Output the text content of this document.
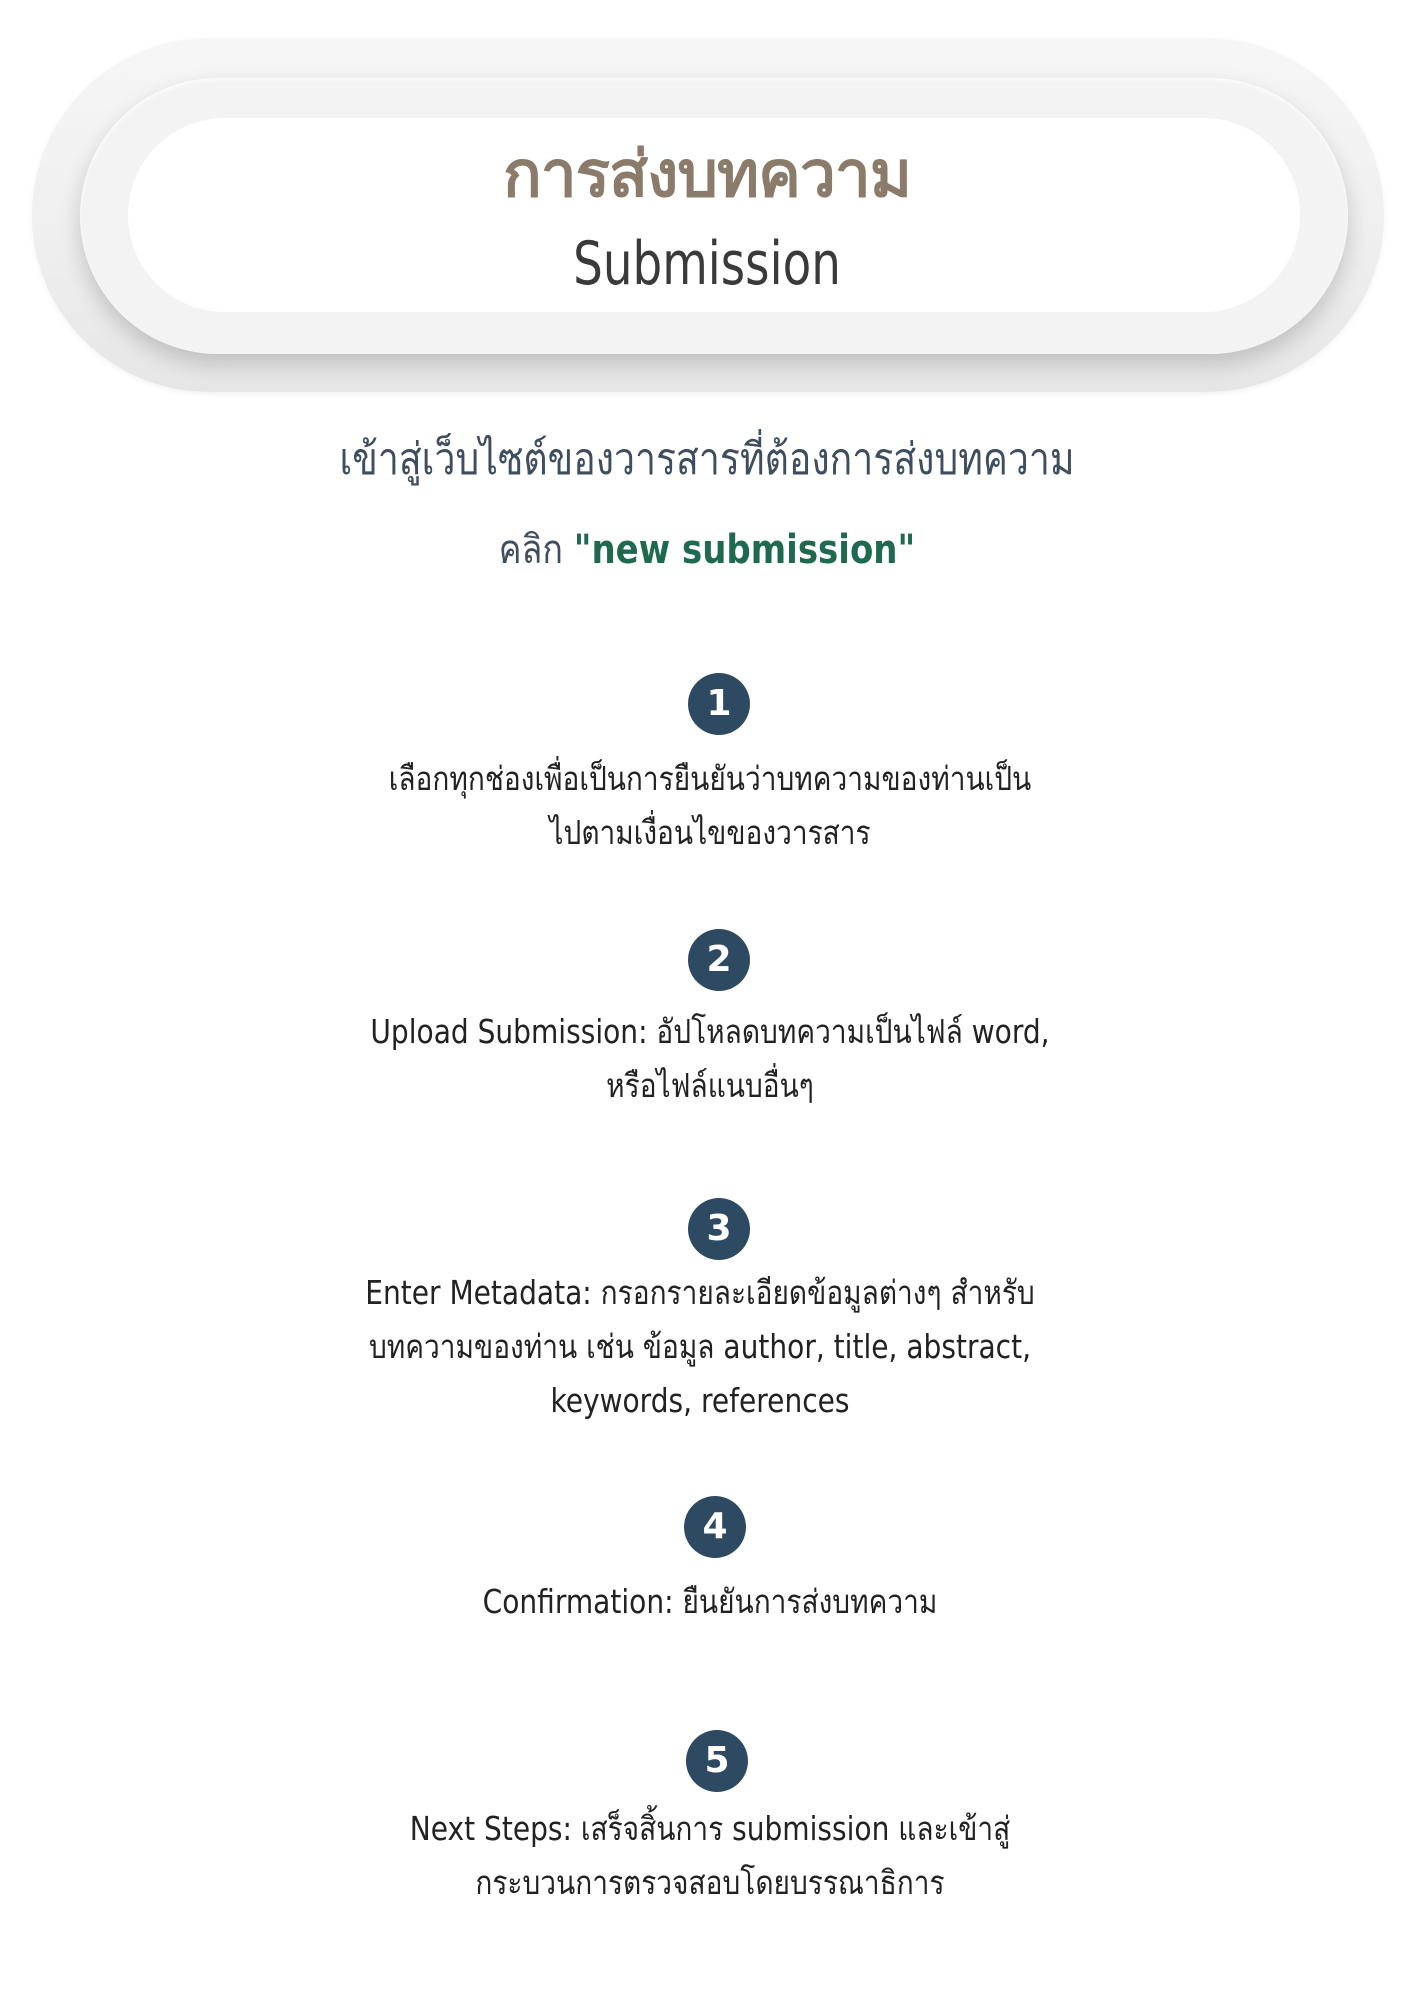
การส่งบทความ
Submission
เข้าสู่เว็บไซต์ของวารสารที่ต้องการส่งบทความ
คลิก "new submission"
1
เลือกทุกช่องเพื่อเป็นการยืนยันว่าบทความของท่านเป็น
ไปตามเงื่อนไขของวารสาร
2
Upload Submission: อัปโหลดบทความเป็นไฟล์ word,
หรือไฟล์แนบอื่นๆ
3
Enter Metadata: กรอกรายละเอียดข้อมูลต่างๆ สำหรับ
บทความของท่าน เช่น ข้อมูล author, title, abstract,
keywords, references
4
Confirmation: ยืนยันการส่งบทความ
5
Next Steps: เสร็จสิ้นการ submission และเข้าสู่
กระบวนการตรวจสอบโดยบรรณาธิการ
